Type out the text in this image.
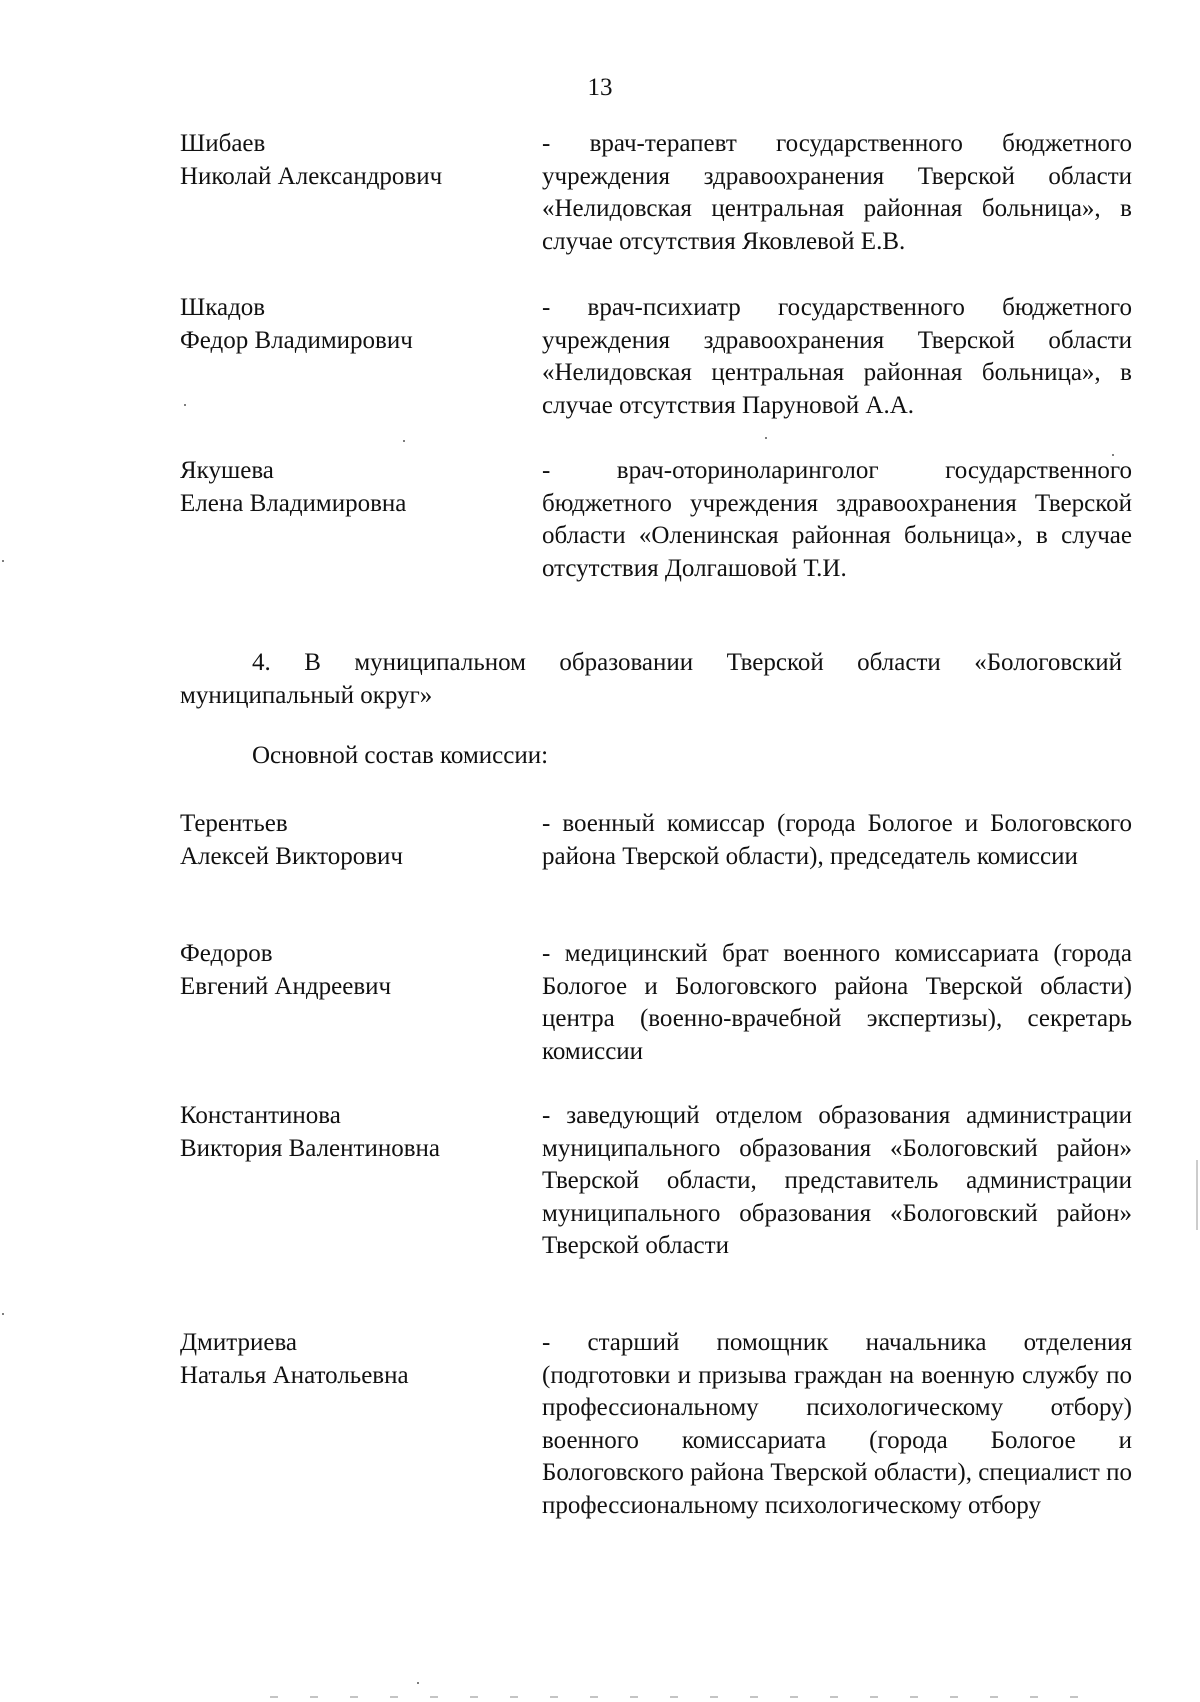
13
Шибаев
Николай Александрович
- врач-терапевт государственного бюджетного учреждения здравоохранения Тверской области «Нелидовская центральная районная больница», в случае отсутствия Яковлевой Е.В.
Шкадов
Федор Владимирович
- врач-психиатр государственного бюджетного учреждения здравоохранения Тверской области «Нелидовская центральная районная больница», в случае отсутствия Паруновой А.А.
Якушева
Елена Владимировна
- врач-оториноларинголог государственного бюджетного учреждения здравоохранения Тверской области «Оленинская районная больница», в случае отсутствия Долгашовой Т.И.
4. В муниципальном образовании Тверской области «Бологовский муниципальный округ»
Основной состав комиссии:
Терентьев
Алексей Викторович
- военный комиссар (города Бологое и Бологовского района Тверской области), председатель комиссии
Федоров
Евгений Андреевич
- медицинский брат военного комиссариата (города Бологое и Бологовского района Тверской области) центра (военно-врачебной экспертизы), секретарь комиссии
Константинова
Виктория Валентиновна
- заведующий отделом образования администрации муниципального образования «Бологовский район» Тверской области, представитель администрации муниципального образования «Бологовский район» Тверской области
Дмитриева
Наталья Анатольевна
- старший помощник начальника отделения (подготовки и призыва граждан на военную службу по профессиональному психологическому отбору) военного комиссариата (города Бологое и Бологовского района Тверской области), специалист по профессиональному психологическому отбору
